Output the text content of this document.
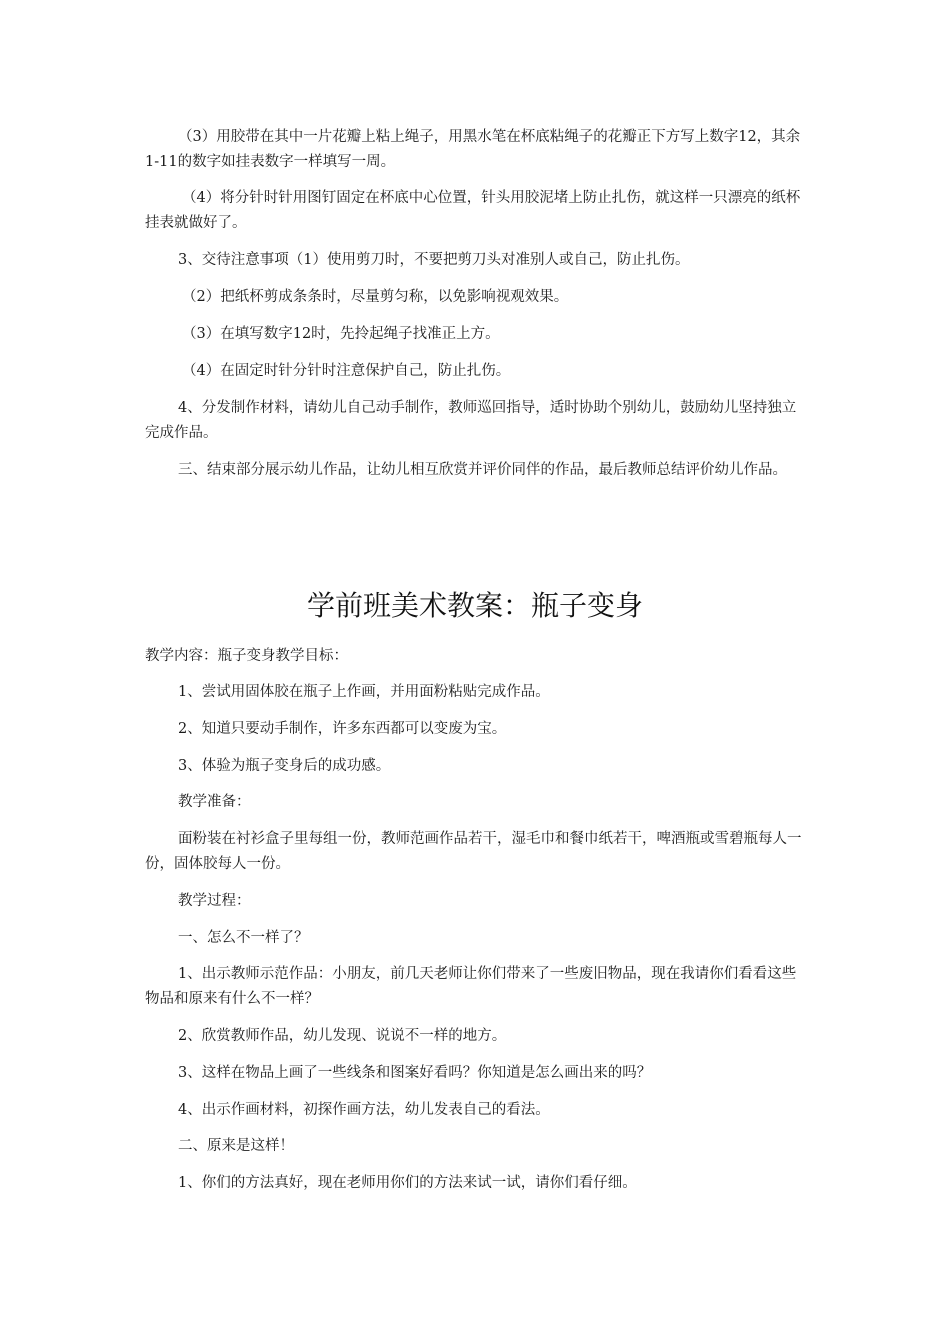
（3）用胶带在其中一片花瓣上粘上绳子，用黑水笔在杯底粘绳子的花瓣正下方写上数字12，其余1-11的数字如挂表数字一样填写一周。

（4）将分针时针用图钉固定在杯底中心位置，针头用胶泥堵上防止扎伤，就这样一只漂亮的纸杯挂表就做好了。

3、交待注意事项（1）使用剪刀时，不要把剪刀头对准别人或自己，防止扎伤。

（2）把纸杯剪成条条时，尽量剪匀称，以免影响视观效果。

（3）在填写数字12时，先拎起绳子找准正上方。

（4）在固定时针分针时注意保护自己，防止扎伤。

4、分发制作材料，请幼儿自己动手制作，教师巡回指导，适时协助个别幼儿，鼓励幼儿坚持独立完成作品。

三、结束部分展示幼儿作品，让幼儿相互欣赏并评价同伴的作品，最后教师总结评价幼儿作品。

学前班美术教案：瓶子变身

教学内容：瓶子变身教学目标：

1、尝试用固体胶在瓶子上作画，并用面粉粘贴完成作品。

2、知道只要动手制作，许多东西都可以变废为宝。

3、体验为瓶子变身后的成功感。

教学准备：

面粉装在衬衫盒子里每组一份，教师范画作品若干，湿毛巾和餐巾纸若干，啤酒瓶或雪碧瓶每人一份，固体胶每人一份。

教学过程：

一、怎么不一样了？

1、出示教师示范作品：小朋友，前几天老师让你们带来了一些废旧物品，现在我请你们看看这些物品和原来有什么不一样？

2、欣赏教师作品，幼儿发现、说说不一样的地方。

3、这样在物品上画了一些线条和图案好看吗？你知道是怎么画出来的吗？

4、出示作画材料，初探作画方法，幼儿发表自己的看法。

二、原来是这样！

1、你们的方法真好，现在老师用你们的方法来试一试，请你们看仔细。
